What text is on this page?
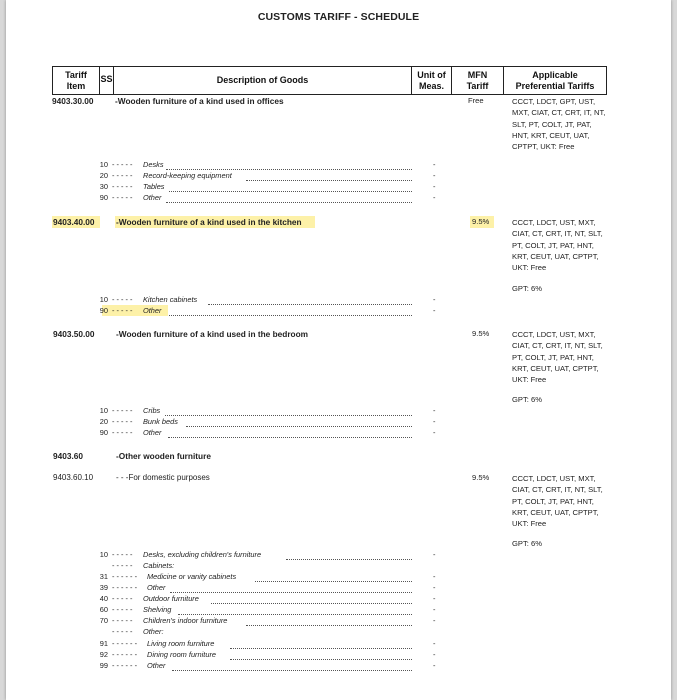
CUSTOMS TARIFF - SCHEDULE
Tariff
Item
SS	Description of Goods	Unit of
Meas.
MFN
Tariff
Applicable
Preferential Tariffs
9403.30.00	-Wooden furniture of a kind used in offices	Free	CCCT, LDCT, GPT, UST, MXT, CIAT, CT, CRT, IT, NT, SLT, PT, COLT, JT, PAT, HNT, KRT, CEUT, UAT, CPTPT, UKT: Free
10 - - - - - Desks	-
20 - - - - - Record-keeping equipment	-
30 - - - - - Tables	-
90 - - - - - Other	-
9403.40.00	-Wooden furniture of a kind used in the kitchen	9.5%	CCCT, LDCT, UST, MXT, CIAT, CT, CRT, IT, NT, SLT, PT, COLT, JT, PAT, HNT, KRT, CEUT, UAT, CPTPT, UKT: Free
GPT: 6%
10 - - - - - Kitchen cabinets	-
90 - - - - - Other	-
9403.50.00	-Wooden furniture of a kind used in the bedroom	9.5%	CCCT, LDCT, UST, MXT, CIAT, CT, CRT, IT, NT, SLT, PT, COLT, JT, PAT, HNT, KRT, CEUT, UAT, CPTPT, UKT: Free
GPT: 6%
10 - - - - - Cribs	-
20 - - - - - Bunk beds	-
90 - - - - - Other	-
9403.60	-Other wooden furniture
9403.60.10	- - -For domestic purposes	9.5%	CCCT, LDCT, UST, MXT, CIAT, CT, CRT, IT, NT, SLT, PT, COLT, JT, PAT, HNT, KRT, CEUT, UAT, CPTPT, UKT: Free
GPT: 6%
10 - - - - - Desks, excluding children's furniture	-
- - - - - Cabinets:
31 - - - - - - Medicine or vanity cabinets	-
39 - - - - - - Other	-
40 - - - - - Outdoor furniture	-
60 - - - - - Shelving	-
70 - - - - - Children's indoor furniture	-
- - - - - Other:
91 - - - - - - Living room furniture	-
92 - - - - - - Dining room furniture	-
99 - - - - - - Other	-
